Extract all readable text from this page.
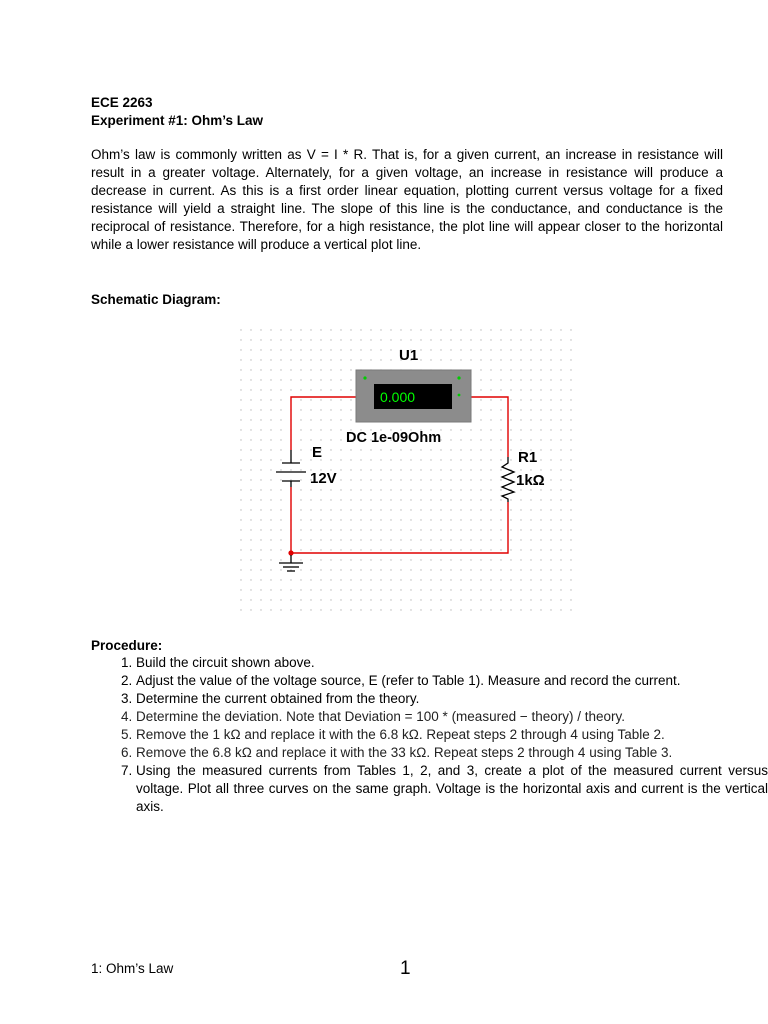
ECE 2263
Experiment #1: Ohm’s Law

Ohm’s law is commonly written as V = I * R. That is, for a given current, an increase in resistance will result in a greater voltage. Alternately, for a given voltage, an increase in resistance will produce a decrease in current. As this is a first order linear equation, plotting current versus voltage for a fixed resistance will yield a straight line. The slope of this line is the conductance, and conductance is the reciprocal of resistance. Therefore, for a high resistance, the plot line will appear closer to the horizontal while a lower resistance will produce a vertical plot line.

Schematic Diagram:
0.000
U1
DC 1e-09Ohm
E
12V
R1
1kΩ
Procedure:
1. Build the circuit shown above.
2. Adjust the value of the voltage source, E (refer to Table 1). Measure and record the current.
3. Determine the current obtained from the theory.
4. Determine the deviation. Note that Deviation = 100 * (measured − theory) / theory.
5. Remove the 1 kΩ and replace it with the 6.8 kΩ. Repeat steps 2 through 4 using Table 2.
6. Remove the 6.8 kΩ and replace it with the 33 kΩ. Repeat steps 2 through 4 using Table 3.
7. Using the measured currents from Tables 1, 2, and 3, create a plot of the measured current versus voltage. Plot all three curves on the same graph. Voltage is the horizontal axis and current is the vertical axis.
1: Ohm’s Law	1
